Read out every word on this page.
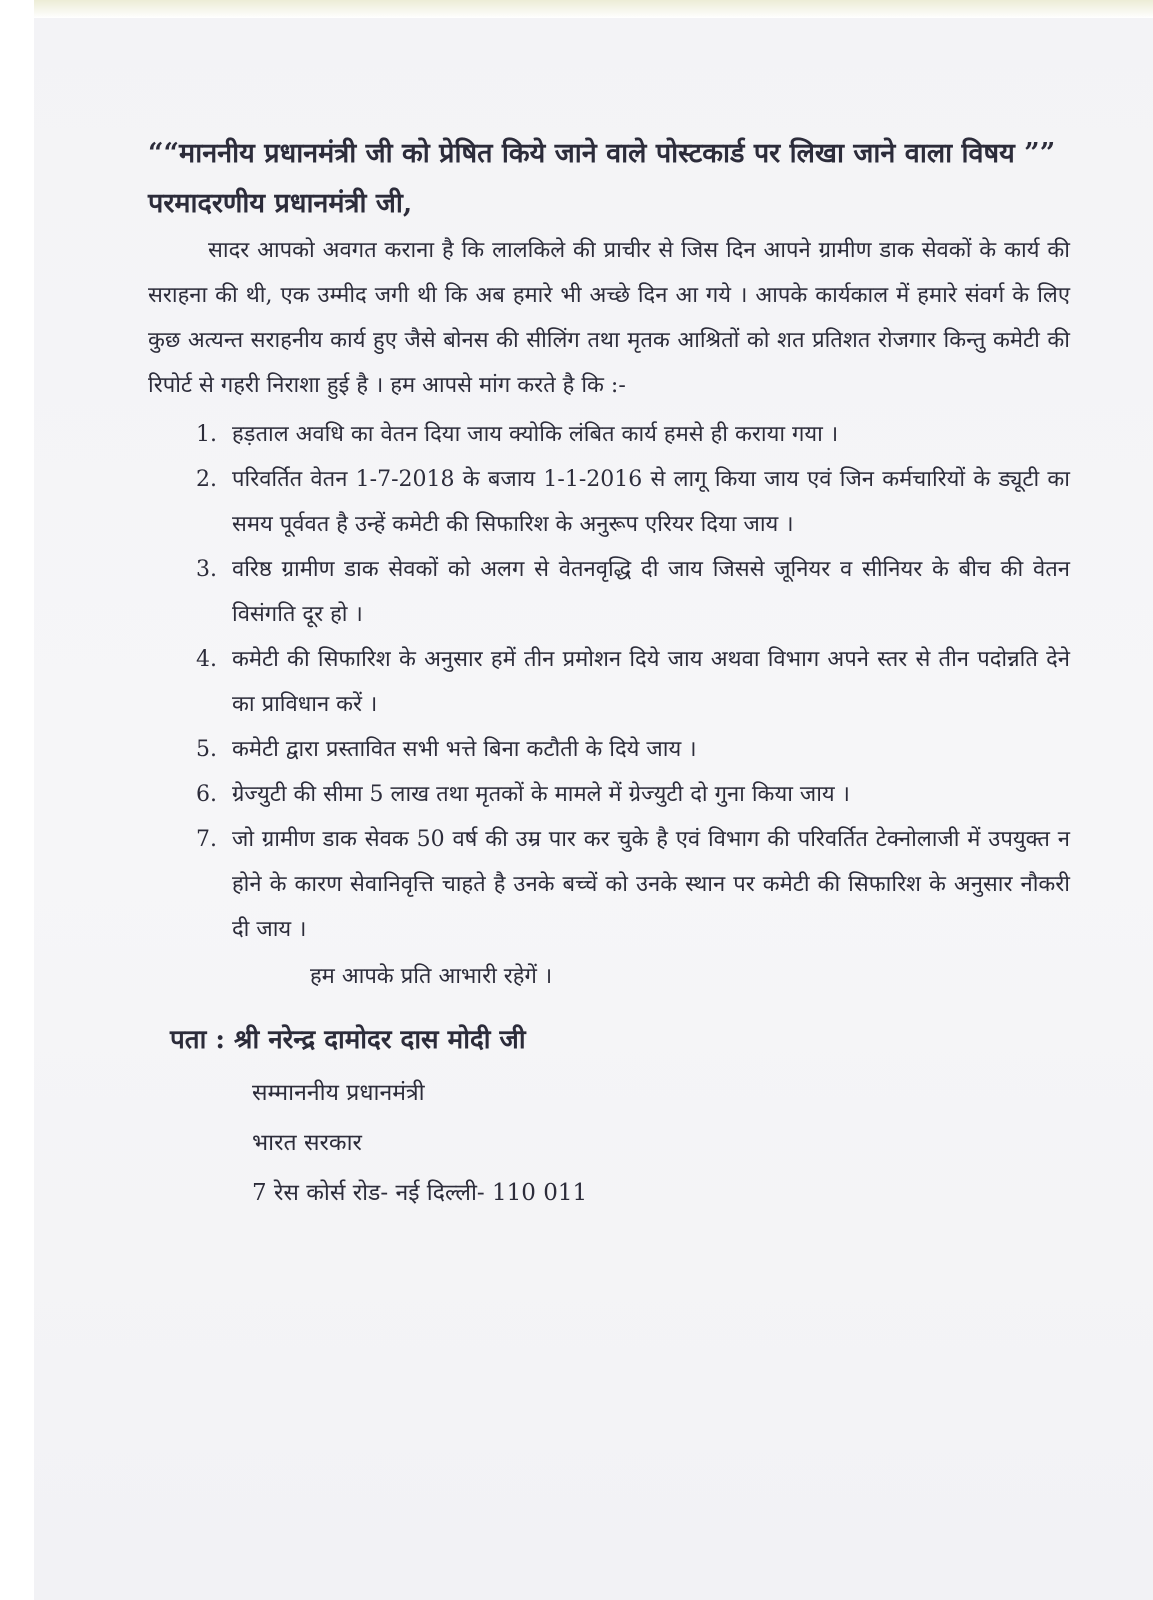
““माननीय प्रधानमंत्री जी को प्रेषित किये जाने वाले पोस्टकार्ड पर लिखा जाने वाला विषय ””

परमादरणीय प्रधानमंत्री जी,

सादर आपको अवगत कराना है कि लालकिले की प्राचीर से जिस दिन आपने ग्रामीण डाक सेवकों के कार्य की सराहना की थी, एक उम्मीद जगी थी कि अब हमारे भी अच्छे दिन आ गये । आपके कार्यकाल में हमारे संवर्ग के लिए कुछ अत्यन्त सराहनीय कार्य हुए जैसे बोनस की सीलिंग तथा मृतक आश्रितों को शत प्रतिशत रोजगार किन्तु कमेटी की रिपोर्ट से गहरी निराशा हुई है । हम आपसे मांग करते है कि :-

1. हड़ताल अवधि का वेतन दिया जाय क्योकि लंबित कार्य हमसे ही कराया गया ।
2. परिवर्तित वेतन 1-7-2018 के बजाय 1-1-2016 से लागू किया जाय एवं जिन कर्मचारियों के ड्यूटी का समय पूर्ववत है उन्हें कमेटी की सिफारिश के अनुरूप एरियर दिया जाय ।
3. वरिष्ठ ग्रामीण डाक सेवकों को अलग से वेतनवृद्धि दी जाय जिससे जूनियर व सीनियर के बीच की वेतन विसंगति दूर हो ।
4. कमेटी की सिफारिश के अनुसार हमें तीन प्रमोशन दिये जाय अथवा विभाग अपने स्तर से तीन पदोन्नति देने का प्राविधान करें ।
5. कमेटी द्वारा प्रस्तावित सभी भत्ते बिना कटौती के दिये जाय ।
6. ग्रेज्युटी की सीमा 5 लाख तथा मृतकों के मामले में ग्रेज्युटी दो गुना किया जाय ।
7. जो ग्रामीण डाक सेवक 50 वर्ष की उम्र पार कर चुके है एवं विभाग की परिवर्तित टेक्नोलाजी में उपयुक्त न होने के कारण सेवानिवृत्ति चाहते है उनके बच्चें को उनके स्थान पर कमेटी की सिफारिश के अनुसार नौकरी दी जाय ।

हम आपके प्रति आभारी रहेगें ।

पता : श्री नरेन्द्र दामोदर दास मोदी जी
सम्माननीय प्रधानमंत्री
भारत सरकार
7 रेस कोर्स रोड- नई दिल्ली- 110 011
